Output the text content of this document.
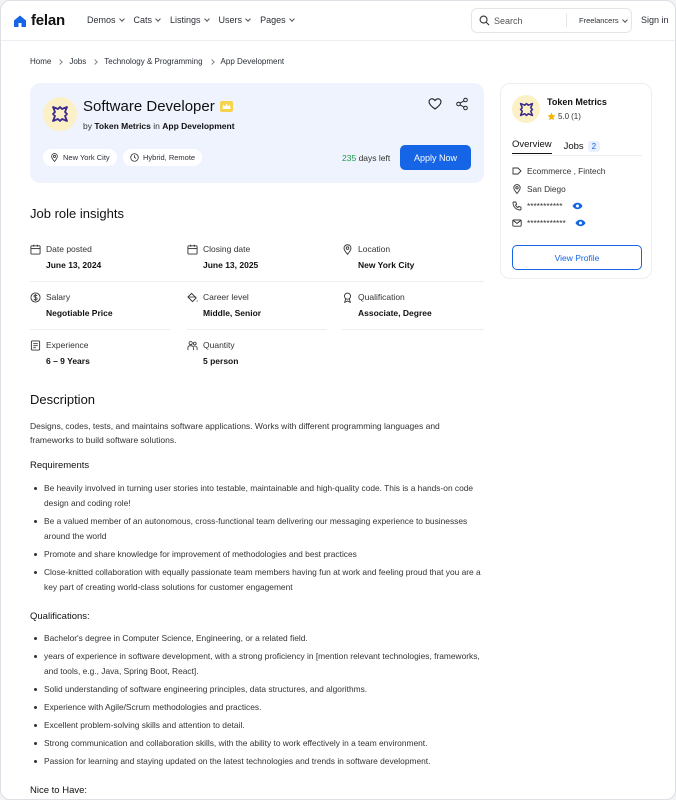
felan Demos Cats Listings Users Pages
Search	Freelancers Sign in
Home Jobs Technology & Programming App Development
Software Developer
by Token Metrics in App Development
New York City	Hybrid, Remote	235 days left	Apply Now
Job role insights
Date posted
June 13, 2024
Closing date
June 13, 2025
Location
New York City
Salary
Negotiable Price
Career level
Middle, Senior
Qualification
Associate, Degree
Experience
6 – 9 Years
Quantity
5 person
Description
Designs, codes, tests, and maintains software applications. Works with different programming languages and frameworks to build software solutions.
Requirements
Be heavily involved in turning user stories into testable, maintainable and high-quality code. This is a hands-on code design and coding role!
Be a valued member of an autonomous, cross-functional team delivering our messaging experience to businesses around the world
Promote and share knowledge for improvement of methodologies and best practices
Close-knitted collaboration with equally passionate team members having fun at work and feeling proud that you are a key part of creating world-class solutions for customer engagement
Qualifications:
Bachelor's degree in Computer Science, Engineering, or a related field.
years of experience in software development, with a strong proficiency in [mention relevant technologies, frameworks, and tools, e.g., Java, Spring Boot, React].
Solid understanding of software engineering principles, data structures, and algorithms.
Experience with Agile/Scrum methodologies and practices.
Excellent problem-solving skills and attention to detail.
Strong communication and collaboration skills, with the ability to work effectively in a team environment.
Passion for learning and staying updated on the latest technologies and trends in software development.
Nice to Have:
Token Metrics
5.0 (1)
Overview Jobs	2
Ecommerce , Fintech
San Diego
***********
************
View Profile
